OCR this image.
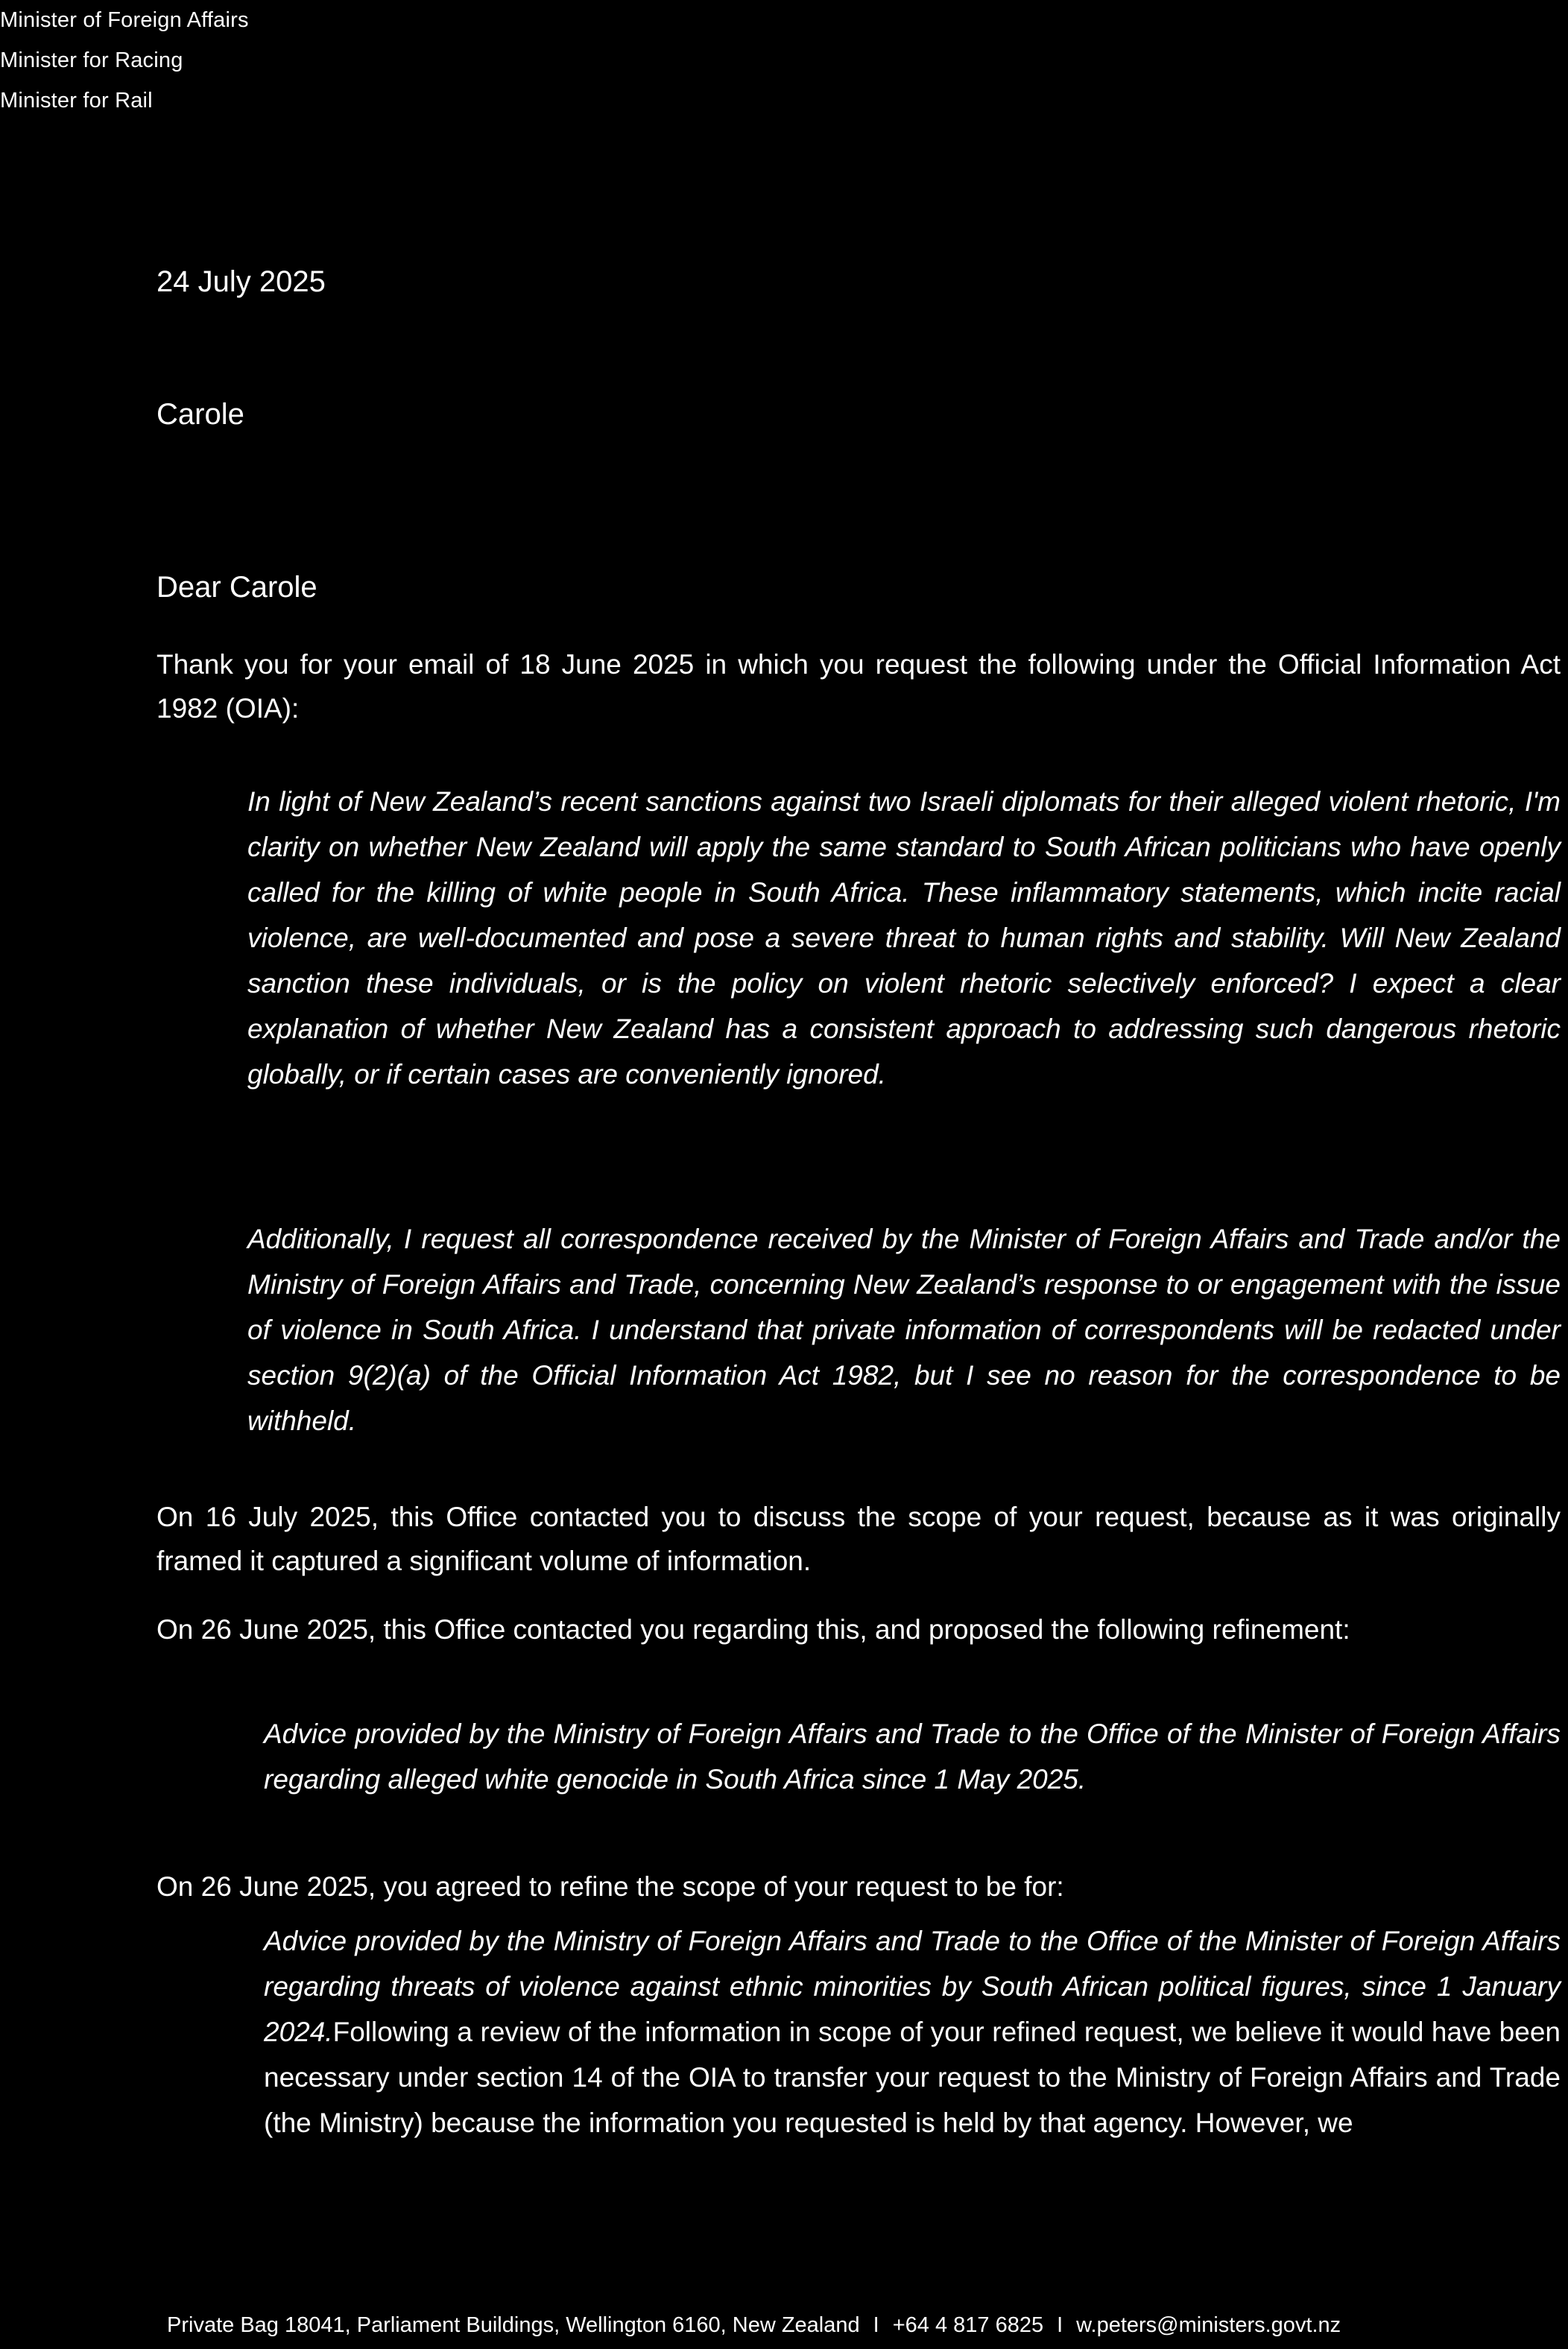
Minister of Foreign Affairs
Minister for Racing
Minister for Rail
24 July 2025
Carole
Dear Carole
Thank you for your email of 18 June 2025 in which you request the following under the Official Information Act 1982 (OIA):
In light of New Zealand’s recent sanctions against two Israeli diplomats for their alleged violent rhetoric, I'm clarity on whether New Zealand will apply the same standard to South African politicians who have openly called for the killing of white people in South Africa. These inflammatory statements, which incite racial violence, are well-documented and pose a severe threat to human rights and stability. Will New Zealand sanction these individuals, or is the policy on violent rhetoric selectively enforced? I expect a clear explanation of whether New Zealand has a consistent approach to addressing such dangerous rhetoric globally, or if certain cases are conveniently ignored.
Additionally, I request all correspondence received by the Minister of Foreign Affairs and Trade and/or the Ministry of Foreign Affairs and Trade, concerning New Zealand’s response to or engagement with the issue of violence in South Africa. I understand that private information of correspondents will be redacted under section 9(2)(a) of the Official Information Act 1982, but I see no reason for the correspondence to be withheld.
On 16 July 2025, this Office contacted you to discuss the scope of your request, because as it was originally framed it captured a significant volume of information.
On 26 June 2025, this Office contacted you regarding this, and proposed the following refinement:
Advice provided by the Ministry of Foreign Affairs and Trade to the Office of the Minister of Foreign Affairs regarding alleged white genocide in South Africa since 1 May 2025.
On 26 June 2025, you agreed to refine the scope of your request to be for:
Advice provided by the Ministry of Foreign Affairs and Trade to the Office of the Minister of Foreign Affairs regarding threats of violence against ethnic minorities by South African political figures, since 1 January 2024.Following a review of the information in scope of your refined request, we believe it would have been necessary under section 14 of the OIA to transfer your request to the Ministry of Foreign Affairs and Trade (the Ministry) because the information you requested is held by that agency. However, we
Private Bag 18041, Parliament Buildings, Wellington 6160, New Zealand I +64 4 817 6825 I w.peters@ministers.govt.nz
